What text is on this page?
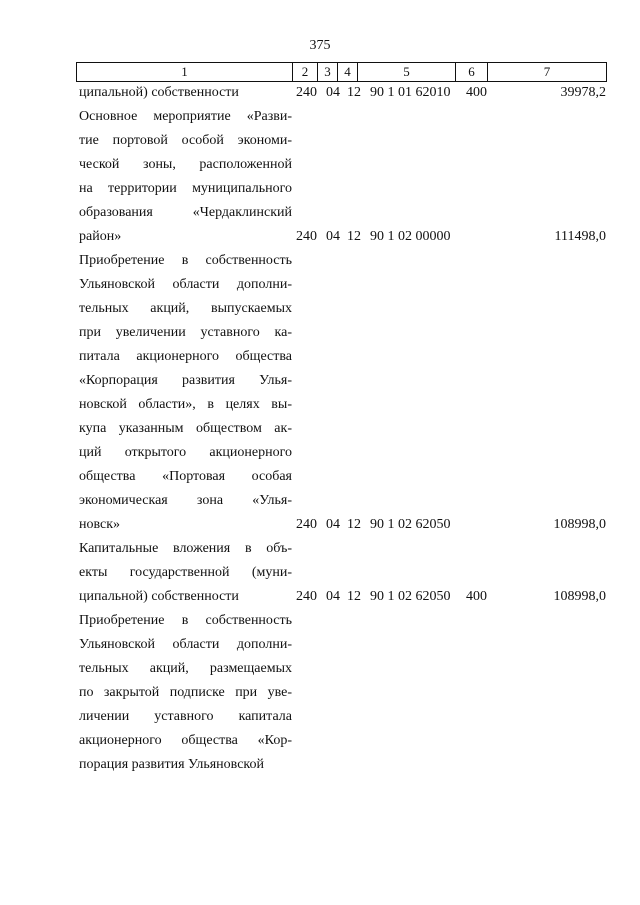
375
1	2	3	4	5	6	7
ципальной) собственности	240 04 12 90 1 01 62010 400	39978,2
Основное мероприятие «Разви-
тие портовой особой экономи-
ческой зоны, расположенной
на территории муниципального
образования «Чердаклинский
район»	240 04 12 90 1 02 00000	111498,0
Приобретение в собственность
Ульяновской области дополни-
тельных акций, выпускаемых
при увеличении уставного ка-
питала акционерного общества
«Корпорация развития Улья-
новской области», в целях вы-
купа указанным обществом ак-
ций открытого акционерного
общества «Портовая особая
экономическая зона «Улья-
новск»	240 04 12 90 1 02 62050	108998,0
Капитальные вложения в объ-
екты государственной (муни-
ципальной) собственности	240 04 12 90 1 02 62050 400	108998,0
Приобретение в собственность
Ульяновской области дополни-
тельных акций, размещаемых
по закрытой подписке при уве-
личении уставного капитала
акционерного общества «Кор-
порация развития Ульяновской
